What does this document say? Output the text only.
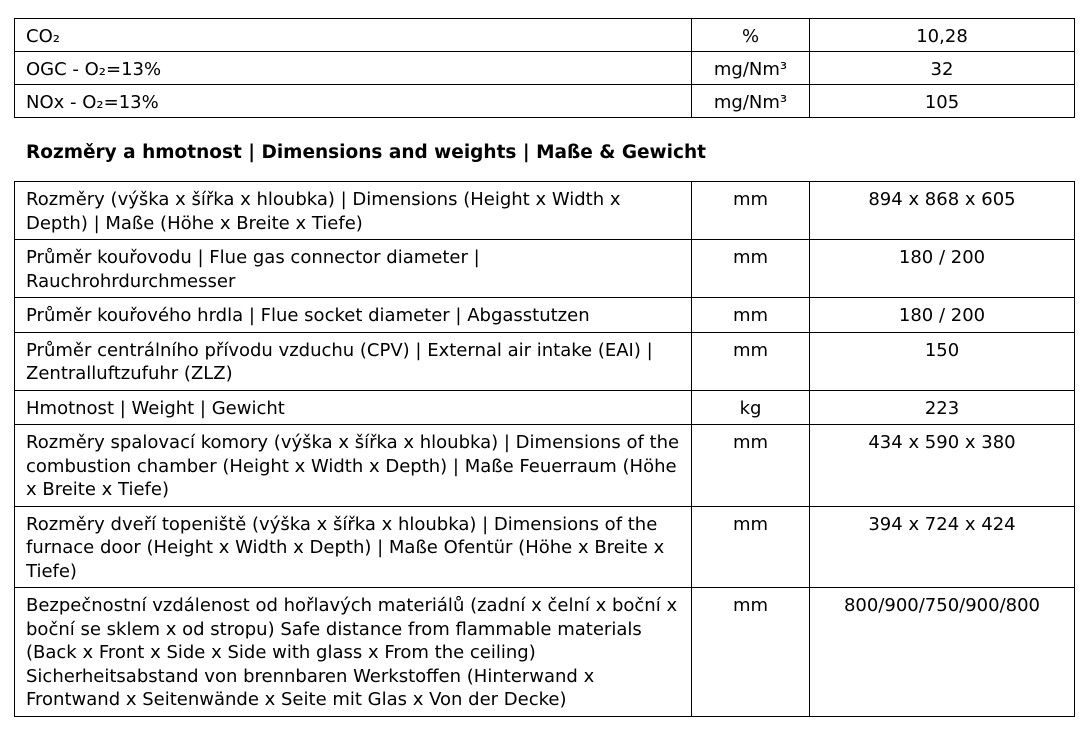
CO₂	%	10,28
OGC - O₂=13%	mg/Nm³	32
NOx - O₂=13%	mg/Nm³	105
Rozměry a hmotnost | Dimensions and weights | Maße & Gewicht
Rozměry (výška x šířka x hloubka) | Dimensions (Height x Width x Depth) | Maße (Höhe x Breite x Tiefe)	mm	894 x 868 x 605
Průměr kouřovodu | Flue gas connector diameter | Rauchrohrdurchmesser	mm	180 / 200
Průměr kouřového hrdla | Flue socket diameter | Abgasstutzen	mm	180 / 200
Průměr centrálního přívodu vzduchu (CPV) | External air intake (EAI) | Zentralluftzufuhr (ZLZ)	mm	150
Hmotnost | Weight | Gewicht	kg	223
Rozměry spalovací komory (výška x šířka x hloubka) | Dimensions of the combustion chamber (Height x Width x Depth) | Maße Feuerraum (Höhe x Breite x Tiefe)	mm	434 x 590 x 380
Rozměry dveří topeniště (výška x šířka x hloubka) | Dimensions of the furnace door (Height x Width x Depth) | Maße Ofentür (Höhe x Breite x Tiefe)	mm	394 x 724 x 424
Bezpečnostní vzdálenost od hořlavých materiálů (zadní x čelní x boční x boční se sklem x od stropu) Safe distance from flammable materials (Back x Front x Side x Side with glass x From the ceiling) Sicherheitsabstand von brennbaren Werkstoffen (Hinterwand x Frontwand x Seitenwände x Seite mit Glas x Von der Decke)	mm	800/900/750/900/800
